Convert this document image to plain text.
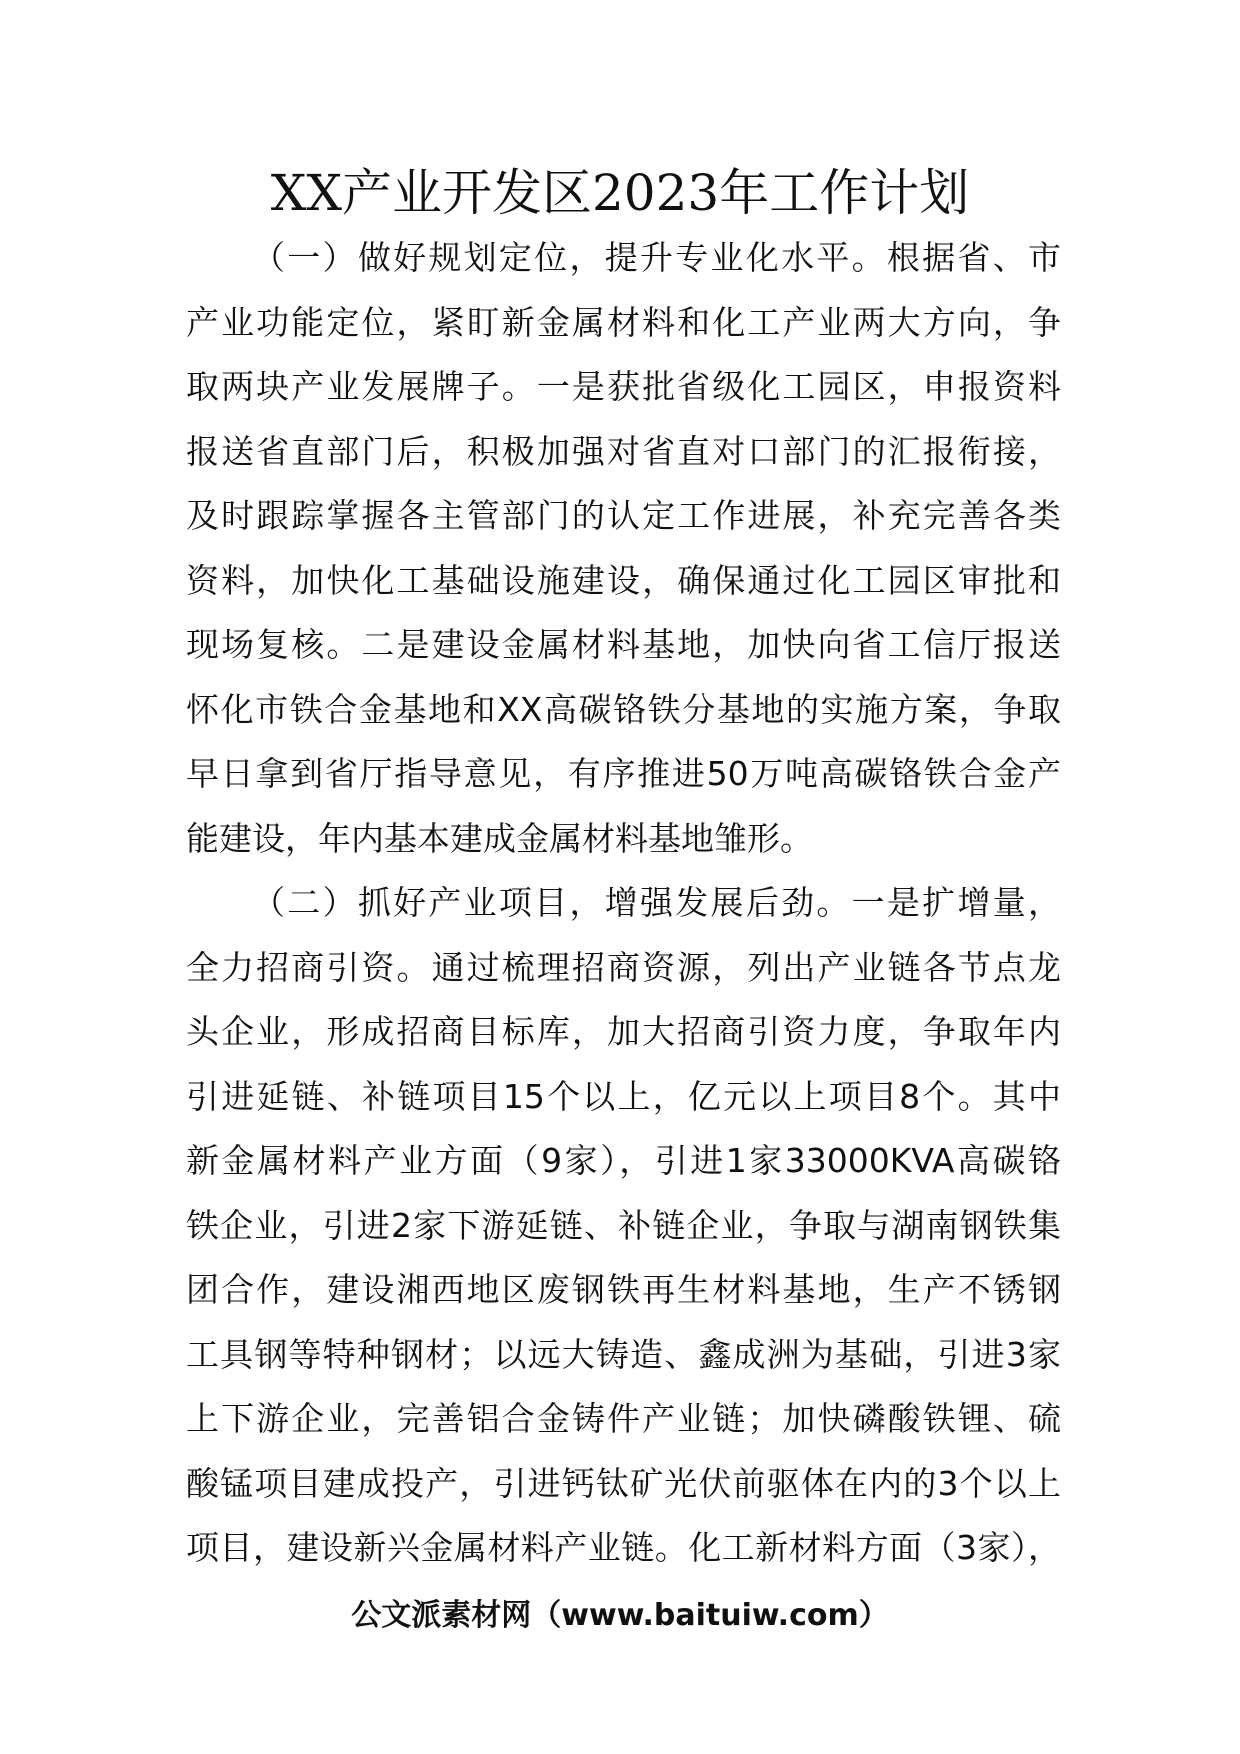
XX产业开发区2023年工作计划
（一）做好规划定位，提升专业化水平。根据省、市
产业功能定位，紧盯新金属材料和化工产业两大方向，争
取两块产业发展牌子。一是获批省级化工园区，申报资料
报送省直部门后，积极加强对省直对口部门的汇报衔接，
及时跟踪掌握各主管部门的认定工作进展，补充完善各类
资料，加快化工基础设施建设，确保通过化工园区审批和
现场复核。二是建设金属材料基地，加快向省工信厅报送
怀化市铁合金基地和XX高碳铬铁分基地的实施方案，争取
早日拿到省厅指导意见，有序推进50万吨高碳铬铁合金产
能建设，年内基本建成金属材料基地雏形。
（二）抓好产业项目，增强发展后劲。一是扩增量，
全力招商引资。通过梳理招商资源，列出产业链各节点龙
头企业，形成招商目标库，加大招商引资力度，争取年内
引进延链、补链项目15个以上，亿元以上项目8个。其中
新金属材料产业方面（9家），引进1家33000KVA高碳铬
铁企业，引进2家下游延链、补链企业，争取与湖南钢铁集
团合作，建设湘西地区废钢铁再生材料基地，生产不锈钢
工具钢等特种钢材；以远大铸造、鑫成洲为基础，引进3家
上下游企业，完善铝合金铸件产业链；加快磷酸铁锂、硫
酸锰项目建成投产，引进钙钛矿光伏前驱体在内的3个以上
项目，建设新兴金属材料产业链。化工新材料方面（3家），
公文派素材网（www.baituiw.com）
